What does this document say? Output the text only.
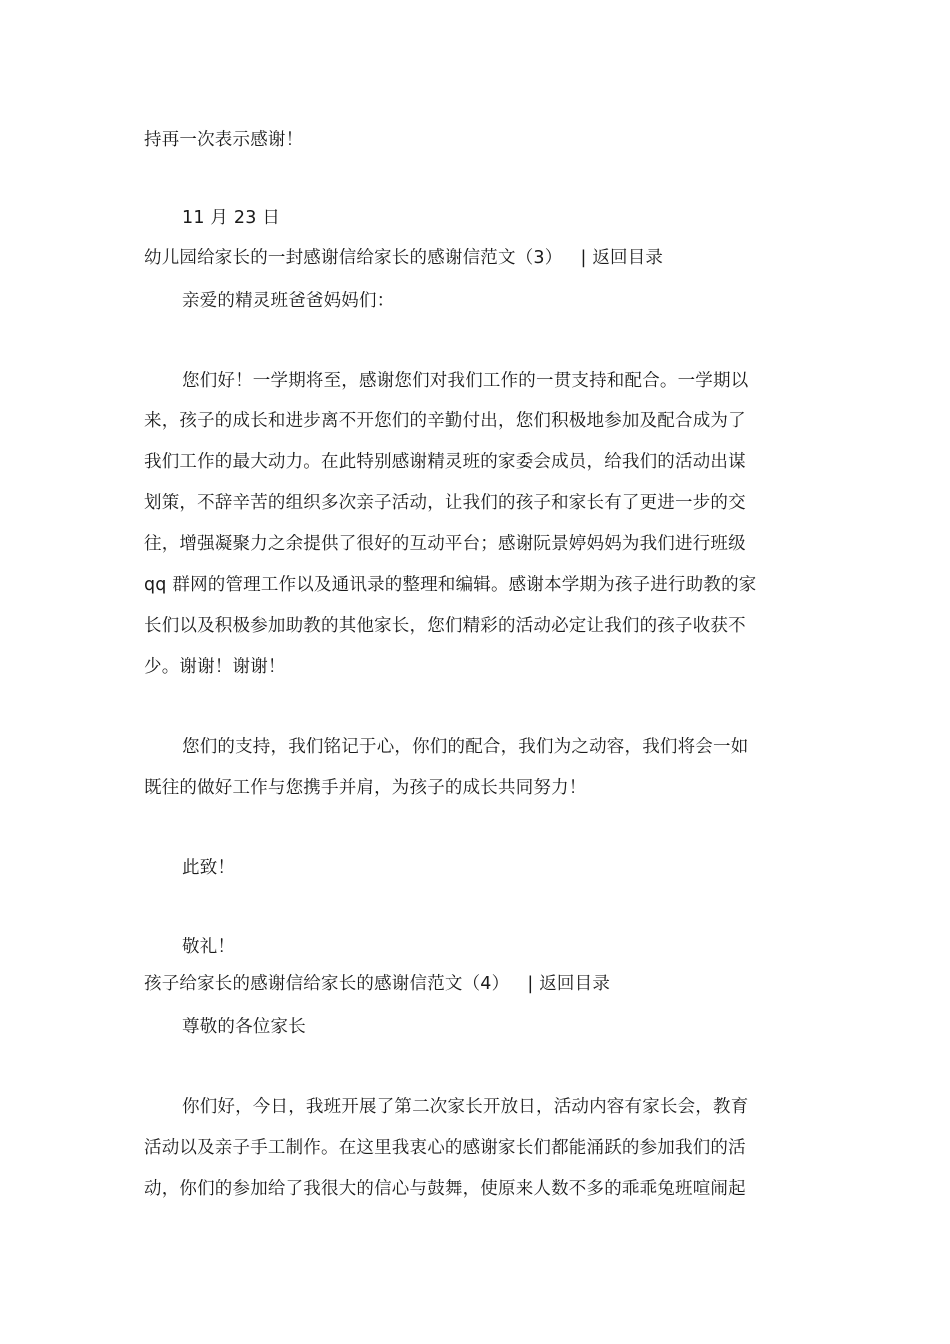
持再一次表示感谢！
11 月 23 日
幼儿园给家长的一封感谢信给家长的感谢信范文（3） | 返回目录
亲爱的精灵班爸爸妈妈们：
您们好！一学期将至，感谢您们对我们工作的一贯支持和配合。一学期以
来，孩子的成长和进步离不开您们的辛勤付出，您们积极地参加及配合成为了
我们工作的最大动力。在此特别感谢精灵班的家委会成员，给我们的活动出谋
划策，不辞辛苦的组织多次亲子活动，让我们的孩子和家长有了更进一步的交
往，增强凝聚力之余提供了很好的互动平台；感谢阮景婷妈妈为我们进行班级
qq 群网的管理工作以及通讯录的整理和编辑。感谢本学期为孩子进行助教的家
长们以及积极参加助教的其他家长，您们精彩的活动必定让我们的孩子收获不
少。谢谢！谢谢！
您们的支持，我们铭记于心，你们的配合，我们为之动容，我们将会一如
既往的做好工作与您携手并肩，为孩子的成长共同努力！
此致！
敬礼！
孩子给家长的感谢信给家长的感谢信范文（4） | 返回目录
尊敬的各位家长
你们好，今日，我班开展了第二次家长开放日，活动内容有家长会，教育
活动以及亲子手工制作。在这里我衷心的感谢家长们都能涌跃的参加我们的活
动，你们的参加给了我很大的信心与鼓舞，使原来人数不多的乖乖兔班喧闹起
